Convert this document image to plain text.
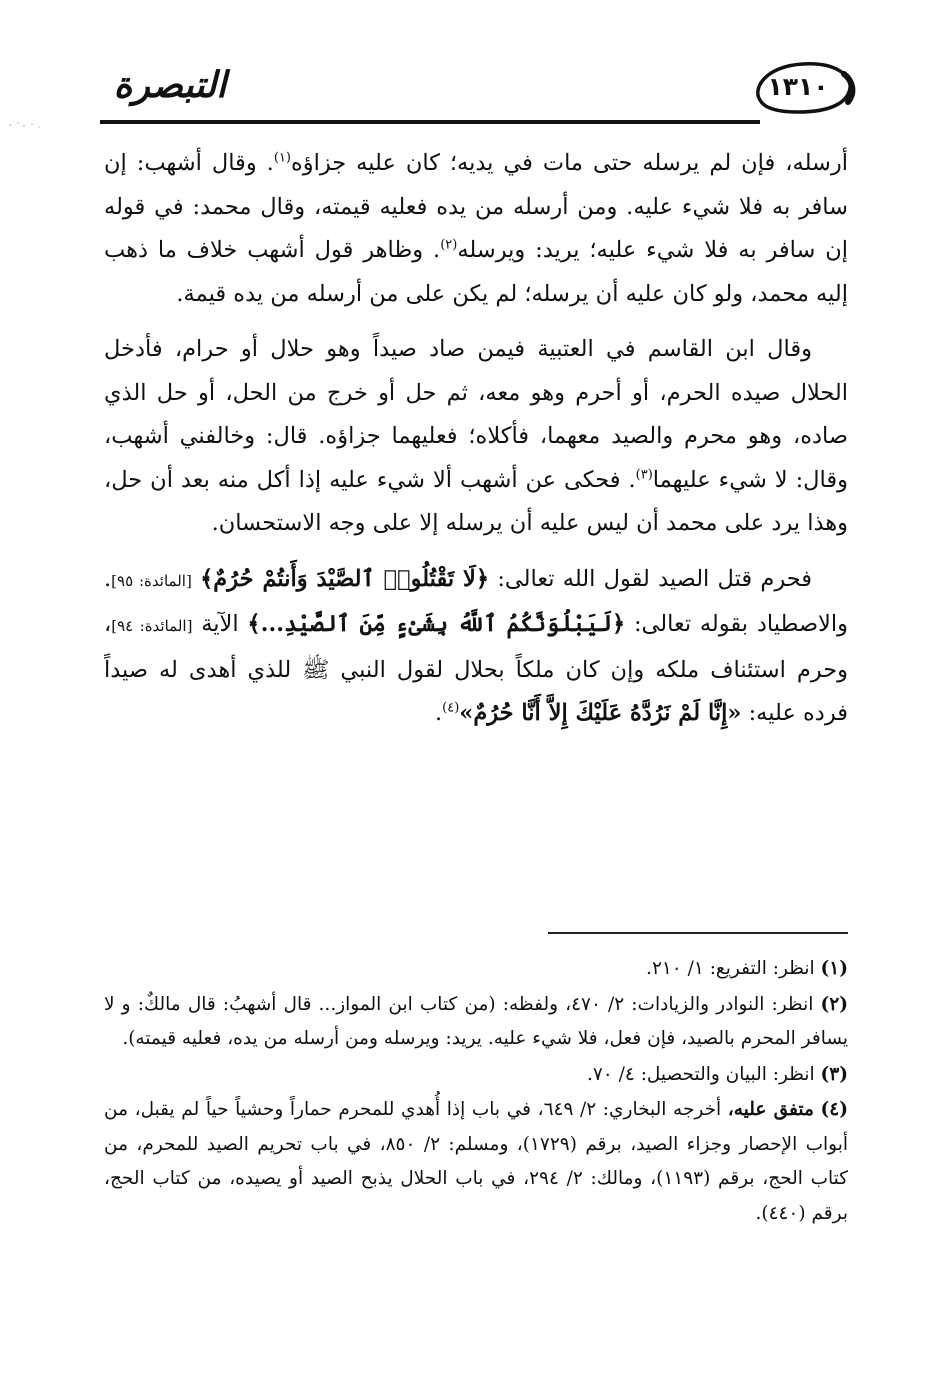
التبصرة	١٣١٠

أرسله، فإن لم يرسله حتى مات في يديه؛ كان عليه جزاؤه$^{(١)}$. وقال أشهب: إن سافر به فلا شيء عليه. ومن أرسله من يده فعليه قيمته، وقال محمد: في قوله إن سافر به فلا شيء عليه؛ يريد: ويرسله$^{(٢)}$. وظاهر قول أشهب خلاف ما ذهب إليه محمد، ولو كان عليه أن يرسله؛ لم يكن على من أرسله من يده قيمة.

وقال ابن القاسم في العتبية فيمن صاد صيداً وهو حلال أو حرام، فأدخل الحلال صيده الحرم، أو أحرم وهو معه، ثم حل أو خرج من الحل، أو حل الذي صاده، وهو محرم والصيد معهما، فأكلاه؛ فعليهما جزاؤه. قال: وخالفني أشهب، وقال: لا شيء عليهما$^{(٣)}$. فحكى عن أشهب ألا شيء عليه إذا أكل منه بعد أن حل، وهذا يرد على محمد أن ليس عليه أن يرسله إلا على وجه الاستحسان.

فحرم قتل الصيد لقول الله تعالى: ﴿لَا تَقْتُلُوا۟ ٱلصَّيْدَ وَأَنتُمْ حُرُمٌ﴾ [المائدة: ٩٥]. والاصطياد بقوله تعالى: ﴿لَيَبْلُوَنَّكُمُ ٱللَّهُ بِشَىْءٍ مِّنَ ٱلصَّيْدِ...﴾ الآية [المائدة: ٩٤]، وحرم استئناف ملكه وإن كان ملكاً بحلال لقول النبي ﷺ للذي أهدى له صيداً فرده عليه: «إِنَّا لَمْ نَرُدَّهُ عَلَيْكَ إِلاَّ أَنَّا حُرُمٌ»$^{(٤)}$.

(١) انظر: التفريع: ١/ ٢١٠.

(٢) انظر: النوادر والزيادات: ٢/ ٤٧٠، ولفظه: (من كتاب ابن المواز... قال أشهبُ: قال مالكٌ: و لا يسافر المحرم بالصيد، فإن فعل، فلا شيء عليه. يريد: ويرسله ومن أرسله من يده، فعليه قيمته).

(٣) انظر: البيان والتحصيل: ٤/ ٧٠.

(٤) متفق عليه، أخرجه البخاري: ٢/ ٦٤٩، في باب إذا أُهدي للمحرم حماراً وحشياً حياً لم يقبل، من أبواب الإحصار وجزاء الصيد، برقم (١٧٢٩)، ومسلم: ٢/ ٨٥٠، في باب تحريم الصيد للمحرم، من كتاب الحج، برقم (١١٩٣)، ومالك: ٢/ ٢٩٤، في باب الحلال يذبح الصيد أو يصيده، من كتاب الحج، برقم (٤٤٠).
